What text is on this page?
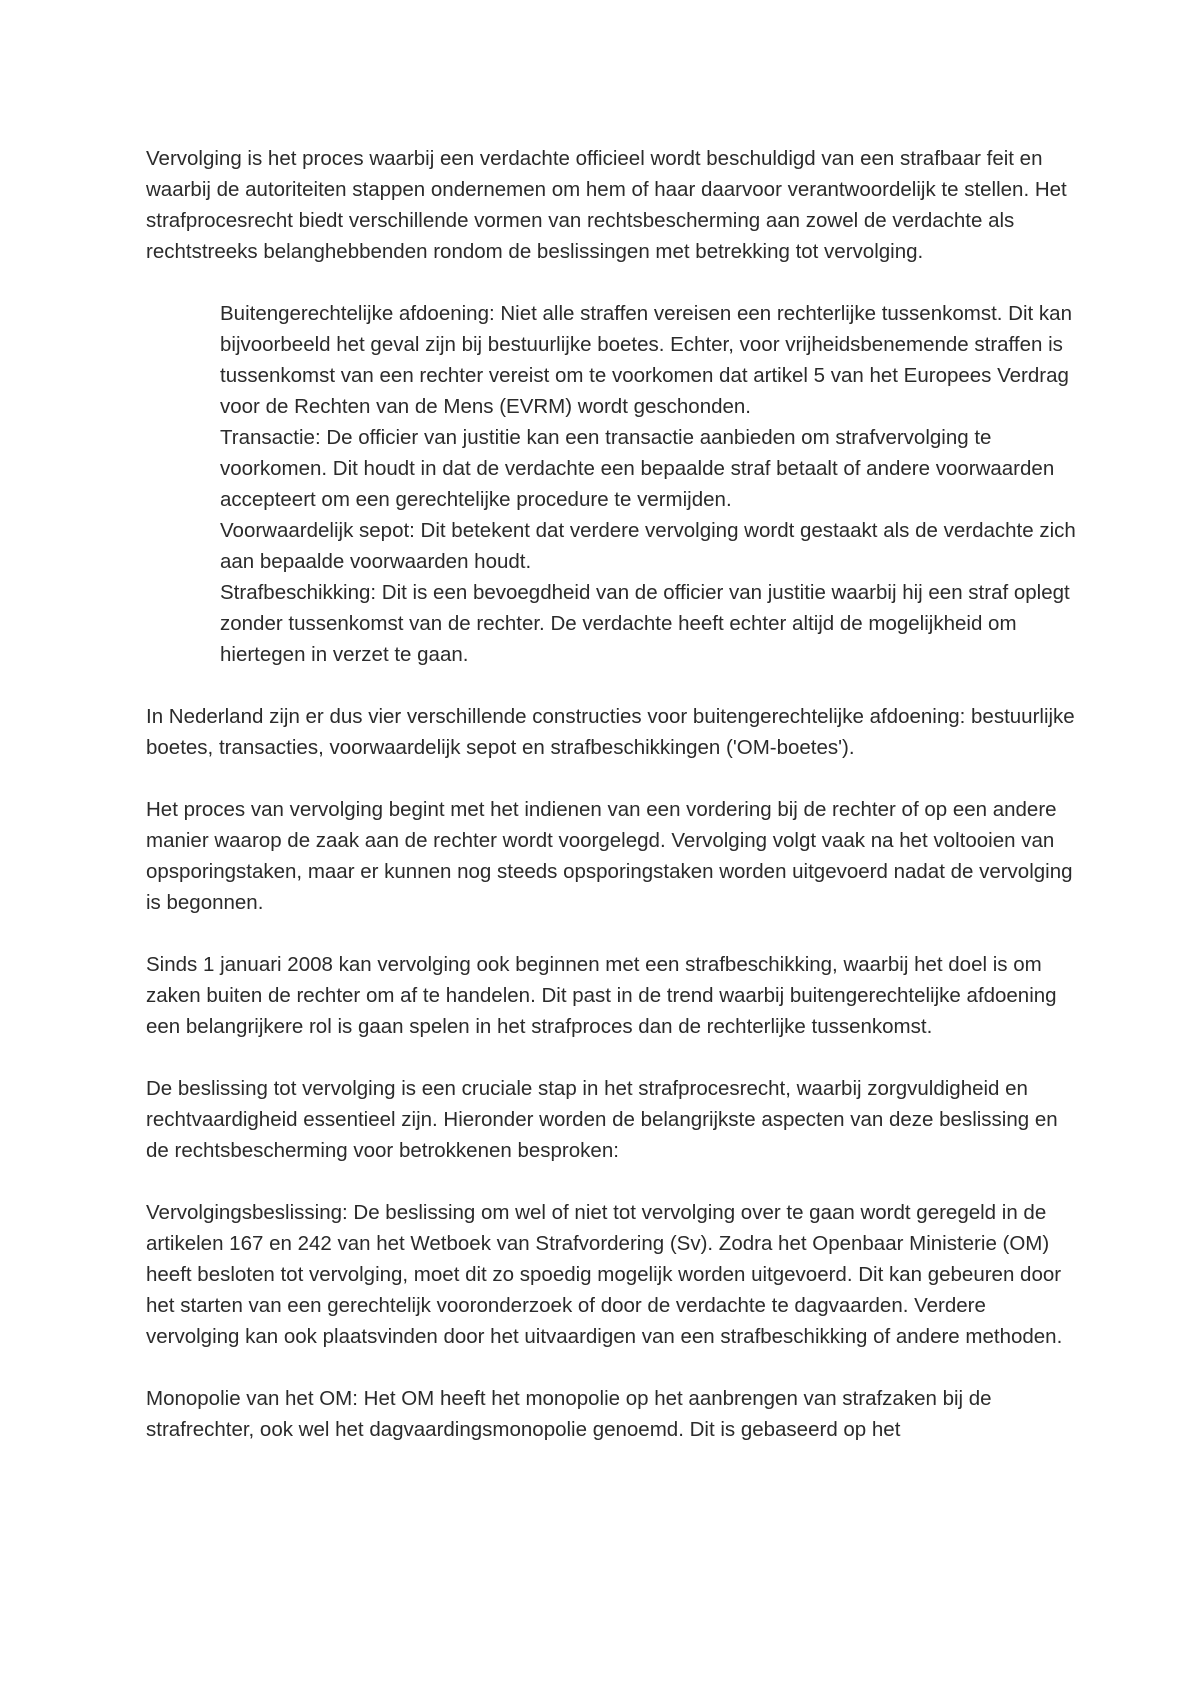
Vervolging is het proces waarbij een verdachte officieel wordt beschuldigd van een strafbaar feit en waarbij de autoriteiten stappen ondernemen om hem of haar daarvoor verantwoordelijk te stellen. Het strafprocesrecht biedt verschillende vormen van rechtsbescherming aan zowel de verdachte als rechtstreeks belanghebbenden rondom de beslissingen met betrekking tot vervolging.

Buitengerechtelijke afdoening: Niet alle straffen vereisen een rechterlijke tussenkomst. Dit kan bijvoorbeeld het geval zijn bij bestuurlijke boetes. Echter, voor vrijheidsbenemende straffen is tussenkomst van een rechter vereist om te voorkomen dat artikel 5 van het Europees Verdrag voor de Rechten van de Mens (EVRM) wordt geschonden.

Transactie: De officier van justitie kan een transactie aanbieden om strafvervolging te voorkomen. Dit houdt in dat de verdachte een bepaalde straf betaalt of andere voorwaarden accepteert om een gerechtelijke procedure te vermijden.

Voorwaardelijk sepot: Dit betekent dat verdere vervolging wordt gestaakt als de verdachte zich aan bepaalde voorwaarden houdt.

Strafbeschikking: Dit is een bevoegdheid van de officier van justitie waarbij hij een straf oplegt zonder tussenkomst van de rechter. De verdachte heeft echter altijd de mogelijkheid om hiertegen in verzet te gaan.

In Nederland zijn er dus vier verschillende constructies voor buitengerechtelijke afdoening: bestuurlijke boetes, transacties, voorwaardelijk sepot en strafbeschikkingen ('OM-boetes').

Het proces van vervolging begint met het indienen van een vordering bij de rechter of op een andere manier waarop de zaak aan de rechter wordt voorgelegd. Vervolging volgt vaak na het voltooien van opsporingstaken, maar er kunnen nog steeds opsporingstaken worden uitgevoerd nadat de vervolging is begonnen.

Sinds 1 januari 2008 kan vervolging ook beginnen met een strafbeschikking, waarbij het doel is om zaken buiten de rechter om af te handelen. Dit past in de trend waarbij buitengerechtelijke afdoening een belangrijkere rol is gaan spelen in het strafproces dan de rechterlijke tussenkomst.

De beslissing tot vervolging is een cruciale stap in het strafprocesrecht, waarbij zorgvuldigheid en rechtvaardigheid essentieel zijn. Hieronder worden de belangrijkste aspecten van deze beslissing en de rechtsbescherming voor betrokkenen besproken:

Vervolgingsbeslissing: De beslissing om wel of niet tot vervolging over te gaan wordt geregeld in de artikelen 167 en 242 van het Wetboek van Strafvordering (Sv). Zodra het Openbaar Ministerie (OM) heeft besloten tot vervolging, moet dit zo spoedig mogelijk worden uitgevoerd. Dit kan gebeuren door het starten van een gerechtelijk vooronderzoek of door de verdachte te dagvaarden. Verdere vervolging kan ook plaatsvinden door het uitvaardigen van een strafbeschikking of andere methoden.

Monopolie van het OM: Het OM heeft het monopolie op het aanbrengen van strafzaken bij de strafrechter, ook wel het dagvaardingsmonopolie genoemd. Dit is gebaseerd op het
